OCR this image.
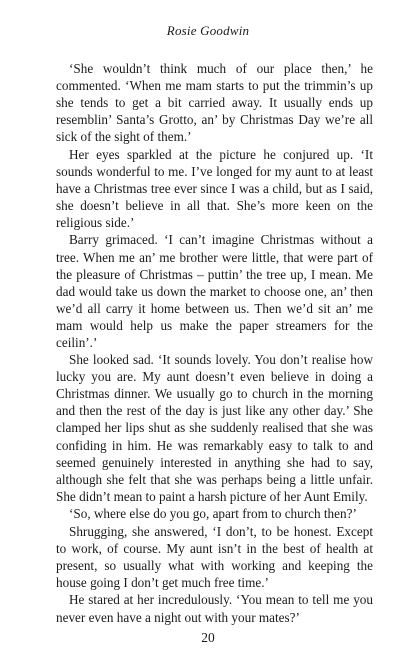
Rosie Goodwin

‘She wouldn’t think much of our place then,’ he commented. ‘When me mam starts to put the trimmin’s up she tends to get a bit carried away. It usually ends up resemblin’ Santa’s Grotto, an’ by Christmas Day we’re all sick of the sight of them.’

Her eyes sparkled at the picture he conjured up. ‘It sounds wonderful to me. I’ve longed for my aunt to at least have a Christmas tree ever since I was a child, but as I said, she doesn’t believe in all that. She’s more keen on the religious side.’

Barry grimaced. ‘I can’t imagine Christmas without a tree. When me an’ me brother were little, that were part of the pleasure of Christmas – puttin’ the tree up, I mean. Me dad would take us down the market to choose one, an’ then we’d all carry it home between us. Then we’d sit an’ me mam would help us make the paper streamers for the ceilin’.’

She looked sad. ‘It sounds lovely. You don’t realise how lucky you are. My aunt doesn’t even believe in doing a Christmas dinner. We usually go to church in the morning and then the rest of the day is just like any other day.’ She clamped her lips shut as she suddenly realised that she was confiding in him. He was remarkably easy to talk to and seemed genuinely interested in anything she had to say, although she felt that she was perhaps being a little unfair. She didn’t mean to paint a harsh picture of her Aunt Emily.

‘So, where else do you go, apart from to church then?’

Shrugging, she answered, ‘I don’t, to be honest. Except to work, of course. My aunt isn’t in the best of health at present, so usually what with working and keeping the house going I don’t get much free time.’

He stared at her incredulously. ‘You mean to tell me you never even have a night out with your mates?’

20
